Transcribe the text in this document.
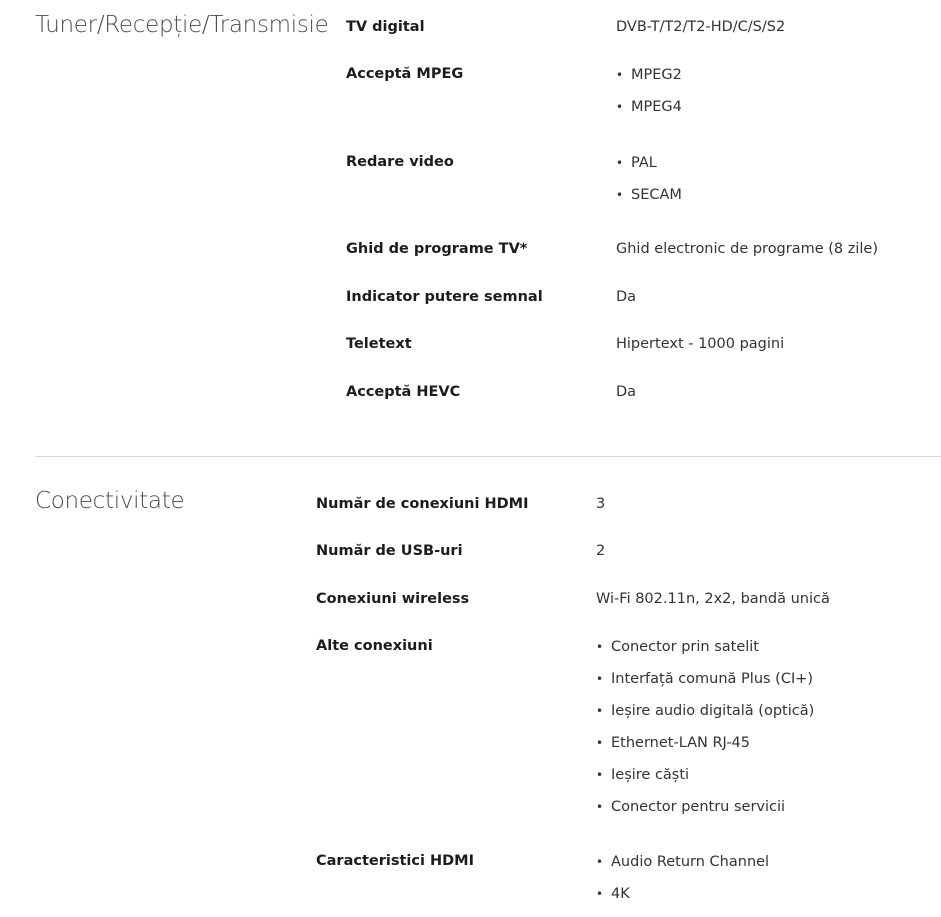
Tuner/Recepție/Transmisie TV digital	DVB-T/T2/T2-HD/C/S/S2
Acceptă MPEG	• MPEG2
• MPEG4
Redare video	• PAL
• SECAM
Ghid de programe TV*	Ghid electronic de programe (8 zile)
Indicator putere semnal	Da
Teletext	Hipertext - 1000 pagini
Acceptă HEVC	Da
Conectivitate	Număr de conexiuni HDMI	3
Număr de USB-uri	2
Conexiuni wireless	Wi-Fi 802.11n, 2x2, bandă unică
Alte conexiuni	• Conector prin satelit
• Interfață comună Plus (CI+)
• Ieșire audio digitală (optică)
• Ethernet-LAN RJ-45
• Ieșire căști
• Conector pentru servicii
Caracteristici HDMI	• Audio Return Channel
• 4K
